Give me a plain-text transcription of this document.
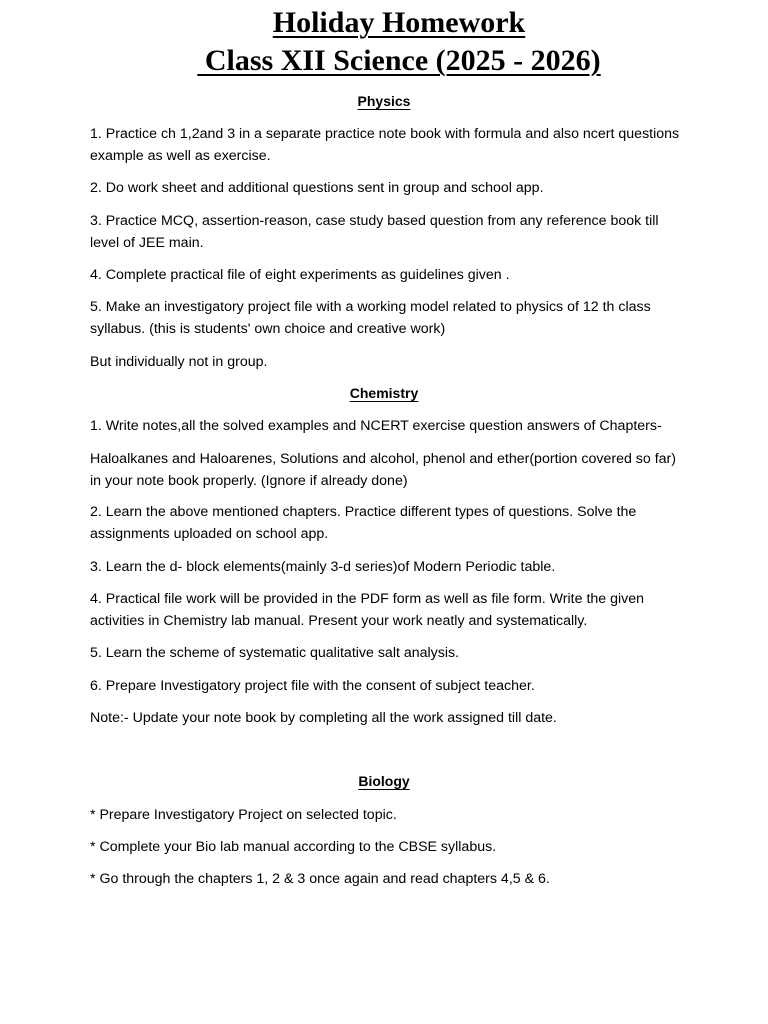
Holiday Homework
Class XII Science (2025 - 2026)
Physics
1. Practice ch 1,2and 3 in a separate practice note book with formula and also ncert questions example as well as exercise.
2. Do work sheet and additional questions sent in group and school app.
3. Practice MCQ, assertion-reason, case study based question from any reference book till level of JEE main.
4. Complete practical file of eight experiments as guidelines given .
5. Make an investigatory project file with a working model related to physics of 12 th class syllabus. (this is students' own choice and creative work)
But individually not in group.
Chemistry
1. Write notes,all the solved examples and NCERT exercise question answers of Chapters-
Haloalkanes and Haloarenes, Solutions and alcohol, phenol and ether(portion covered so far) in your note book properly. (Ignore if already done)
2. Learn the above mentioned chapters. Practice different types of questions. Solve the assignments uploaded on school app.
3. Learn the d- block elements(mainly 3-d series)of Modern Periodic table.
4. Practical file work will be provided in the PDF form as well as file form. Write the given activities in Chemistry lab manual. Present your work neatly and systematically.
5. Learn the scheme of systematic qualitative salt analysis.
6. Prepare Investigatory project file with the consent of subject teacher.
Note:- Update your note book by completing all the work assigned till date.
Biology
* Prepare Investigatory Project on selected topic.
* Complete your Bio lab manual according to the CBSE syllabus.
* Go through the chapters 1, 2 & 3 once again and read chapters 4,5 & 6.
